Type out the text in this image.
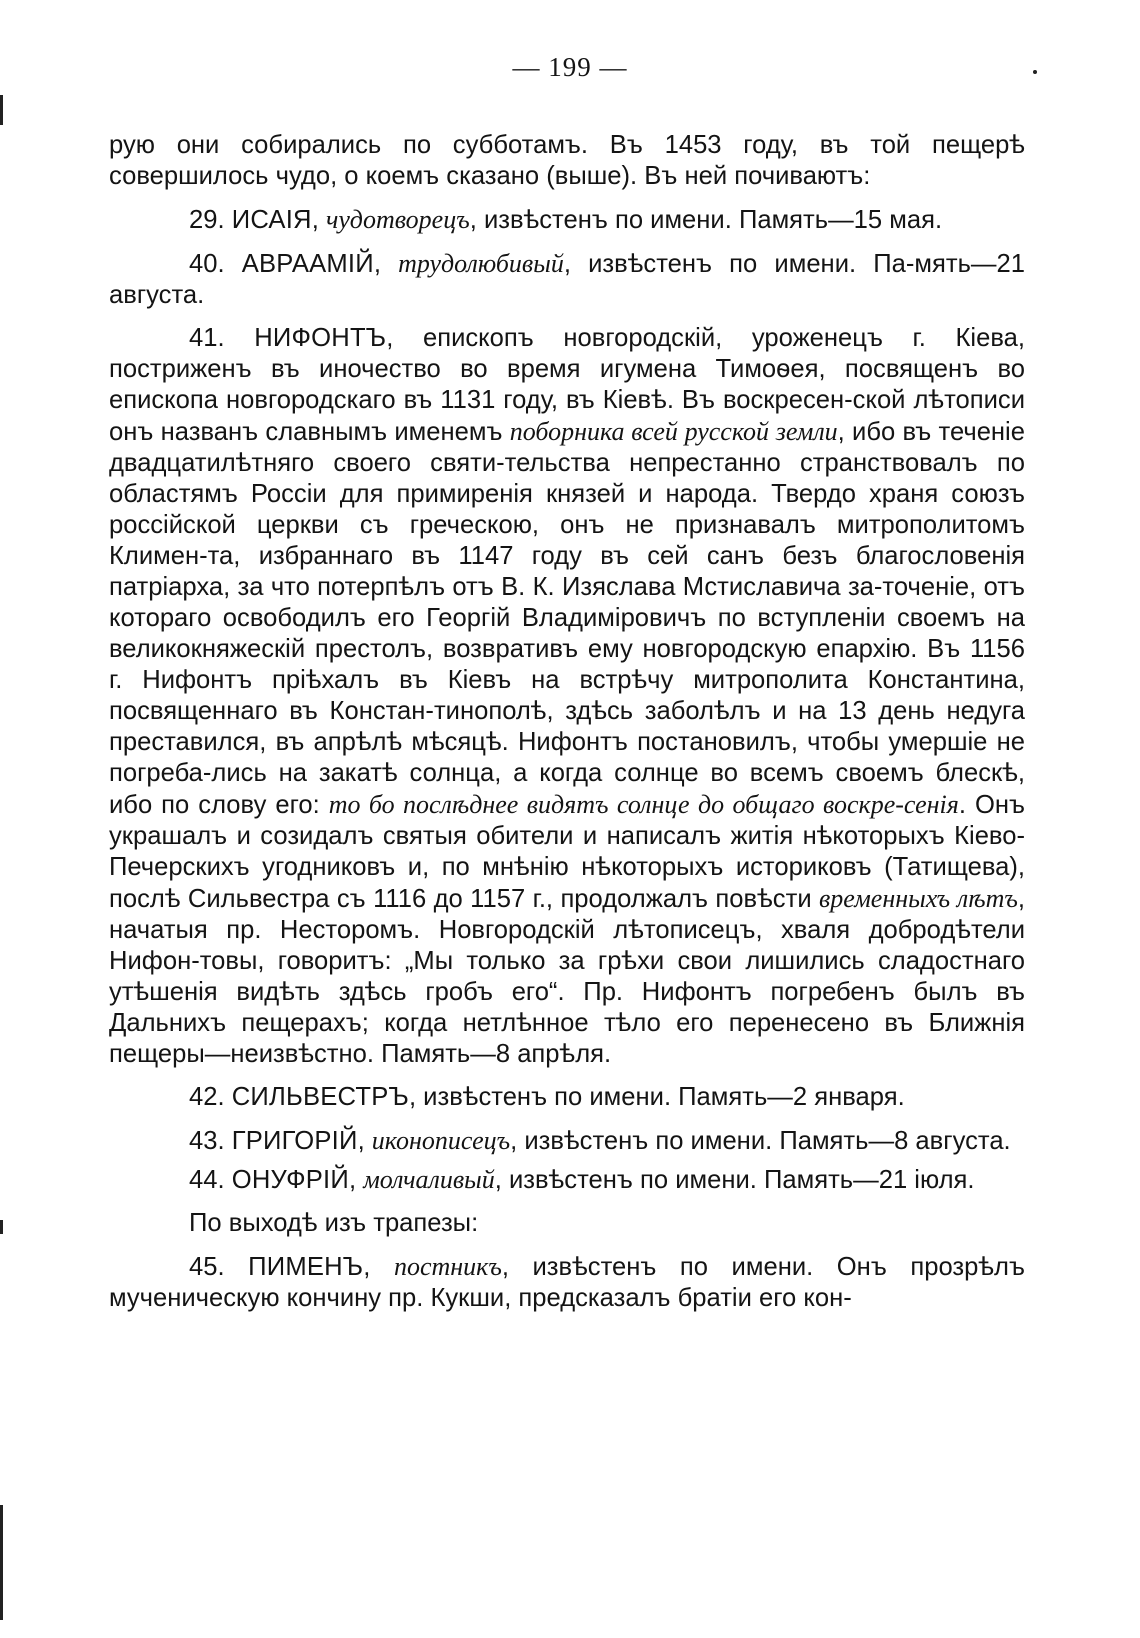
— 199 —

рую они собирались по субботамъ. Въ 1453 году, въ той пещерѣ совершилось чудо, о коемъ сказано (выше). Въ ней почиваютъ:

29. ИСАІЯ, чудотворецъ, извѣстенъ по имени. Память—15 мая.

40. АВРААМІЙ, трудолюбивый, извѣстенъ по имени. Па-мять—21 августа.

41. НИФОНТЪ, епископъ новгородскій, уроженецъ г. Кіева, постриженъ въ иночество во время игумена Тимоѳея, посвященъ во епископа новгородскаго въ 1131 году, въ Кіевѣ. Въ воскресен-ской лѣтописи онъ названъ славнымъ именемъ поборника всей русской земли, ибо въ теченіе двадцатилѣтняго своего святи-тельства непрестанно странствовалъ по областямъ Россіи для примиренія князей и народа. Твердо храня союзъ россійской церкви съ греческою, онъ не признавалъ митрополитомъ Климен-та, избраннаго въ 1147 году въ сей санъ безъ благословенія патріарха, за что потерпѣлъ отъ В. К. Изяслава Мстиславича за-точеніе, отъ котораго освободилъ его Георгій Владиміровичъ по вступленіи своемъ на великокняжескій престолъ, возвративъ ему новгородскую епархію. Въ 1156 г. Нифонтъ пріѣхалъ въ Кіевъ на встрѣчу митрополита Константина, посвященнаго въ Констан-тинополѣ, здѣсь заболѣлъ и на 13 день недуга преставился, въ апрѣлѣ мѣсяцѣ. Нифонтъ постановилъ, чтобы умершіе не погреба-лись на закатѣ солнца, а когда солнце во всемъ своемъ блескѣ, ибо по слову его: то бо послѣднее видятъ солнце до общаго воскре-сенія. Онъ украшалъ и созидалъ святыя обители и написалъ житія нѣкоторыхъ Кіево-Печерскихъ угодниковъ и, по мнѣнію нѣкоторыхъ историковъ (Татищева), послѣ Сильвестра съ 1116 до 1157 г., продолжалъ повѣсти временныхъ лѣтъ, начатыя пр. Несторомъ. Новгородскій лѣтописецъ, хваля добродѣтели Нифон-товы, говоритъ: „Мы только за грѣхи свои лишились сладостнаго утѣшенія видѣть здѣсь гробъ его“. Пр. Нифонтъ погребенъ былъ въ Дальнихъ пещерахъ; когда нетлѣнное тѣло его перенесено въ Ближнія пещеры—неизвѣстно. Память—8 апрѣля.

42. СИЛЬВЕСТРЪ, извѣстенъ по имени. Память—2 января.

43. ГРИГОРІЙ, иконописецъ, извѣстенъ по имени. Память—8 августа.

44. ОНУФРІЙ, молчаливый, извѣстенъ по имени. Память—21 іюля.

По выходѣ изъ трапезы:

45. ПИМЕНЪ, постникъ, извѣстенъ по имени. Онъ прозрѣлъ мученическую кончину пр. Кукши, предсказалъ братіи его кон-
